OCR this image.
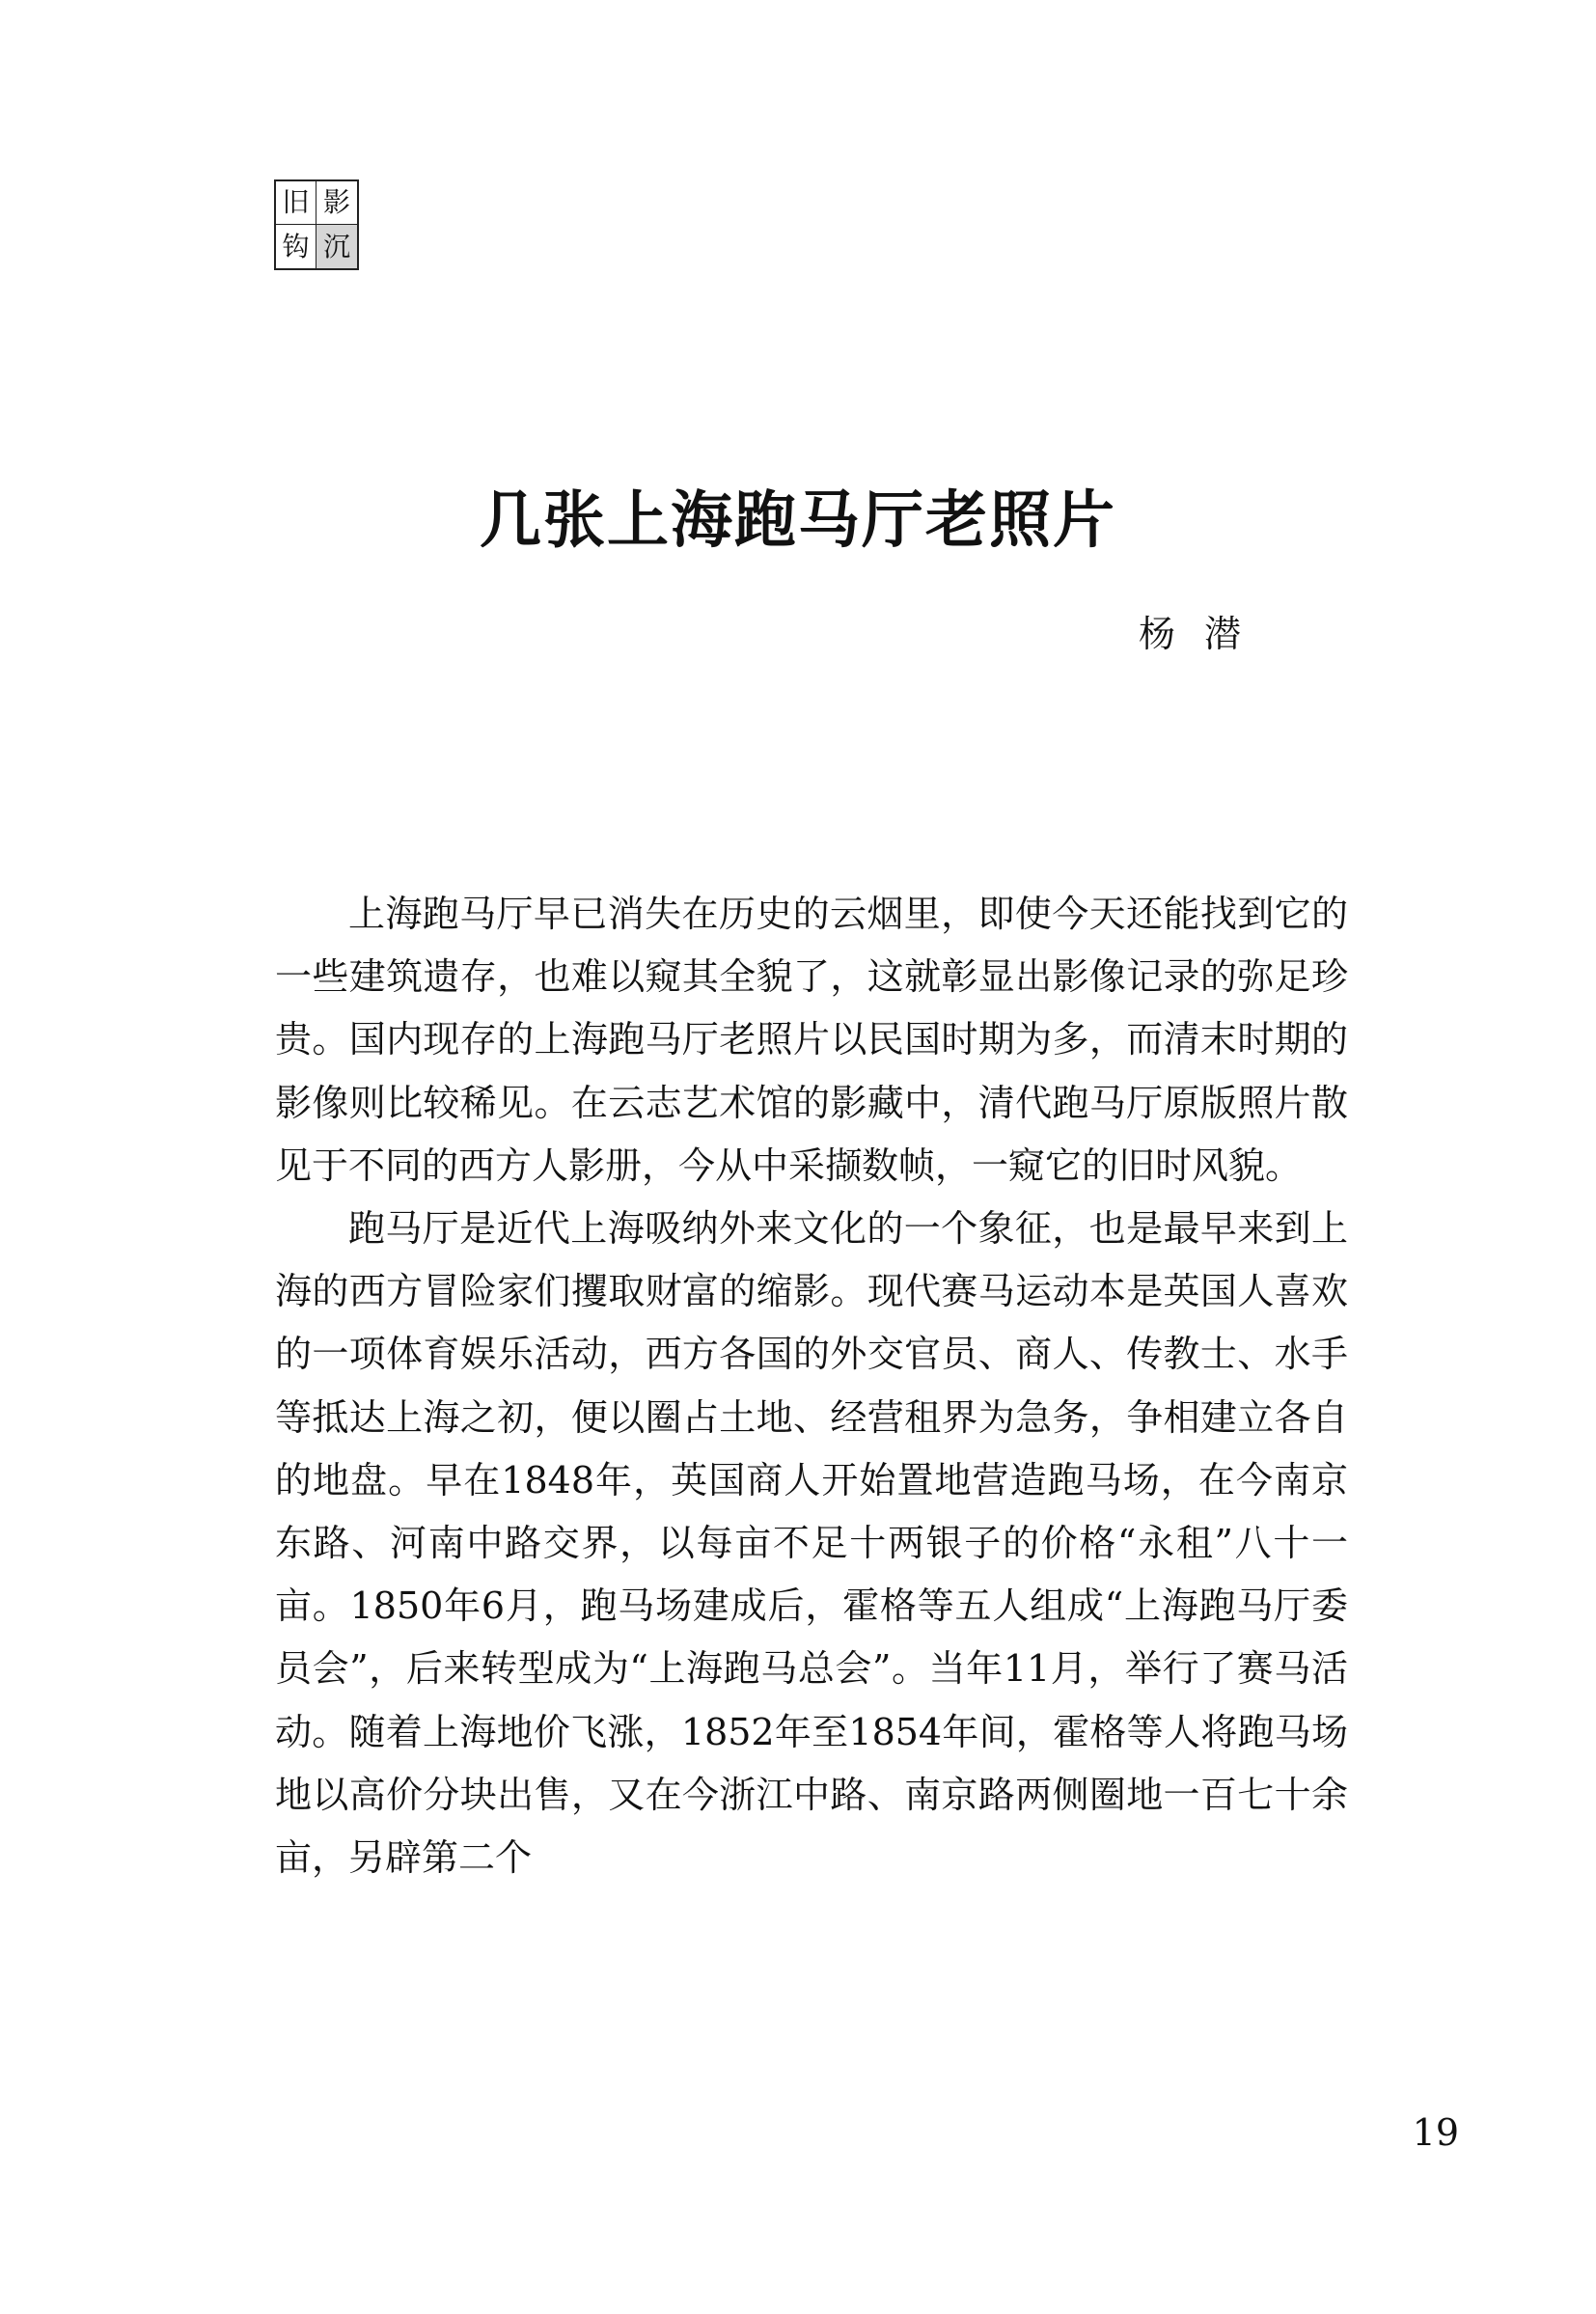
旧 影
钩 沉
几张上海跑马厅老照片
杨潜

上海跑马厅早已消失在历史的云烟里，即使今天还能找到它的一些建筑遗存，也难以窥其全貌了，这就彰显出影像记录的弥足珍贵。国内现存的上海跑马厅老照片以民国时期为多，而清末时期的影像则比较稀见。在云志艺术馆的影藏中，清代跑马厅原版照片散见于不同的西方人影册，今从中采撷数帧，一窥它的旧时风貌。

跑马厅是近代上海吸纳外来文化的一个象征，也是最早来到上海的西方冒险家们攫取财富的缩影。现代赛马运动本是英国人喜欢的一项体育娱乐活动，西方各国的外交官员、商人、传教士、水手等抵达上海之初，便以圈占土地、经营租界为急务，争相建立各自的地盘。早在1848年，英国商人开始置地营造跑马场，在今南京东路、河南中路交界，以每亩不足十两银子的价格“永租”八十一亩。1850年6月，跑马场建成后，霍格等五人组成“上海跑马厅委员会”，后来转型成为“上海跑马总会”。当年11月，举行了赛马活动。随着上海地价飞涨，1852年至1854年间，霍格等人将跑马场地以高价分块出售，又在今浙江中路、南京路两侧圈地一百七十余亩，另辟第二个

19
